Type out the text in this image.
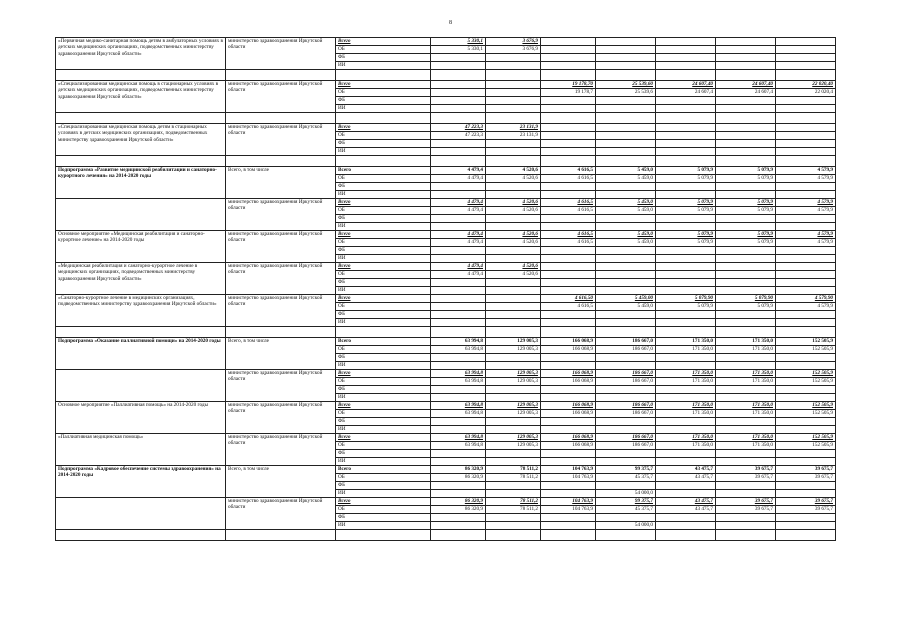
8
«Первичная медико-санитарная помощь детям в амбулаторных условиях в детских медицинских организациях, подведомственных министерству здравоохранения Иркутской области»	министерство здравоохранения Иркутской области	Всего	5 330,1	3 676,9					
		ОБ	5 330,1	3 676,9					
		ФБ							
		ИИ							

«Специализированная медицинская помощь в стационарных условиях в детских медицинских организациях, подведомственных министерству здравоохранения Иркутской области»	министерство здравоохранения Иркутской области	Всего			19 178,70	25 539,60	24 607,40	24 607,40	22 020,40
		ОБ			19 178,7	25 539,6	24 607,4	24 607,4	22 020,4
		ФБ							
		ИИ							

«Специализированная медицинская помощь детям в стационарных условиях в детских медицинских организациях, подведомственных министерству здравоохранения Иркутской области»	министерство здравоохранения Иркутской области	Всего	47 223,3	23 131,9					
		ОБ	47 223,3	23 131,9					
		ФБ							
		ИИ							

Подпрограмма «Развитие медицинской реабилитации и санаторно-курортного лечения» на 2014-2020 годы	Всего, в том числе	Всего	4 479,4	4 520,6	4 616,5	5 459,0	5 079,9	5 079,9	4 579,9
		ОБ	4 479,4	4 520,6	4 616,5	5 459,0	5 079,9	5 079,9	4 579,9
		ФБ							
		ИИ							
	министерство здравоохранения Иркутской области	Всего	4 479,4	4 520,6	4 616,5	5 459,0	5 079,9	5 079,9	4 579,9
		ОБ	4 479,4	4 520,6	4 616,5	5 459,0	5 079,9	5 079,9	4 579,9
		ФБ							
		ИИ							
Основное мероприятие «Медицинская реабилитация и санаторно-курортное лечение» на 2014-2020 годы	министерство здравоохранения Иркутской области	Всего	4 479,4	4 520,6	4 616,5	5 459,0	5 079,9	5 079,9	4 579,9
		ОБ	4 479,4	4 520,6	4 616,5	5 459,0	5 079,9	5 079,9	4 579,9
		ФБ							
		ИИ							
«Медицинская реабилитация и санаторно-курортное лечение в медицинских организациях, подведомственных министерству здравоохранения Иркутской области»	министерство здравоохранения Иркутской области	Всего	4 479,4	4 520,6					
		ОБ	4 479,4	4 520,6					
		ФБ							
		ИИ							
«Санаторно-курортное лечение в медицинских организациях, подведомственных министерству здравоохранения Иркутской области»	министерство здравоохранения Иркутской области	Всего			4 616,50	5 459,00	5 079,90	5 079,90	4 579,90
		ОБ			4 616,5	5 459,0	5 079,9	5 079,9	4 579,9
		ФБ							
		ИИ							

Подпрограмма «Оказание паллиативной помощи» на 2014-2020 годы	Всего, в том числе	Всего	63 994,8	129 005,3	166 068,9	186 667,0	171 350,0	171 350,0	152 505,9
		ОБ	63 994,8	129 005,3	166 068,9	186 667,0	171 350,0	171 350,0	152 505,9
		ФБ							
		ИИ							
	министерство здравоохранения Иркутской области	Всего	63 994,8	129 005,3	166 068,9	186 667,0	171 350,0	171 350,0	152 505,9
		ОБ	63 994,8	129 005,3	166 068,9	186 667,0	171 350,0	171 350,0	152 505,9
		ФБ							
		ИИ							
Основное мероприятие «Паллиативная помощь» на 2014-2020 годы	министерство здравоохранения Иркутской области	Всего	63 994,8	129 005,3	166 068,9	186 667,0	171 350,0	171 350,0	152 505,9
		ОБ	63 994,8	129 005,3	166 068,9	186 667,0	171 350,0	171 350,0	152 505,9
		ФБ							
		ИИ							
«Паллиативная медицинская помощь»	министерство здравоохранения Иркутской области	Всего	63 994,8	129 005,3	166 068,9	186 667,0	171 350,0	171 350,0	152 505,9
		ОБ	63 994,8	129 005,3	166 068,9	186 667,0	171 350,0	171 350,0	152 505,9
		ФБ							
		ИИ							
Подпрограмма «Кадровое обеспечение системы здравоохранения» на 2014-2020 годы	Всего, в том числе	Всего	86 320,9	78 511,2	104 763,9	99 375,7	43 475,7	39 675,7	39 675,7
		ОБ	86 320,9	78 511,2	104 763,9	45 375,7	43 475,7	39 675,7	39 675,7
		ФБ							
		ИИ				54 000,0			
	министерство здравоохранения Иркутской области	Всего	86 320,9	78 511,2	104 763,9	99 375,7	43 475,7	39 675,7	39 675,7
		ОБ	86 320,9	78 511,2	104 763,9	45 375,7	43 475,7	39 675,7	39 675,7
		ФБ							
		ИИ				54 000,0			
